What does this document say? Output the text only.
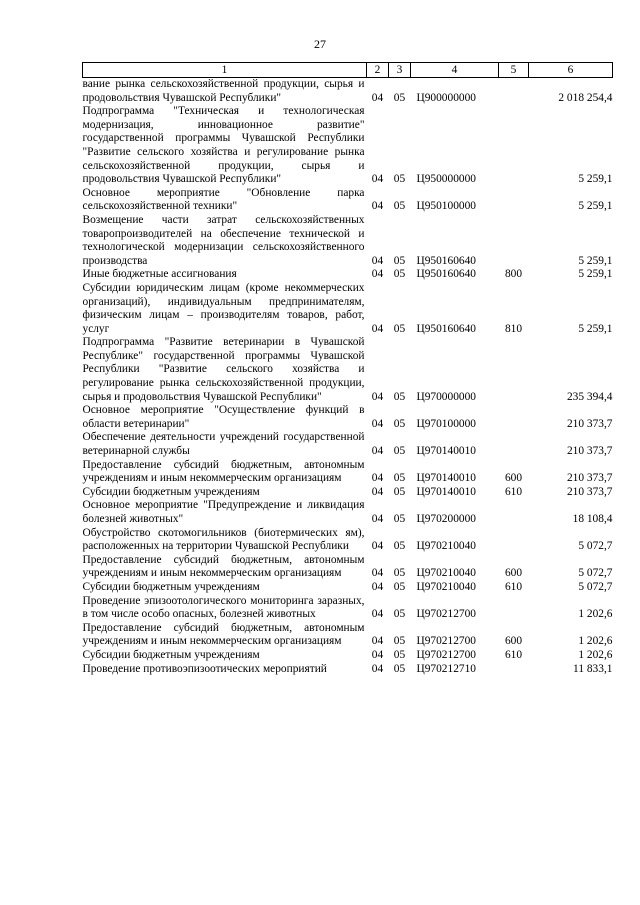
27
1	2	3	4	5	6
вание рынка сельскохозяйственной продукции, сырья и продовольствия Чувашской Республики"	04	05	Ц900000000		2 018 254,4
Подпрограмма "Техническая и технологическая модернизация, инновационное развитие" государственной программы Чувашской Республики "Развитие сельского хозяйства и регулирование рынка сельскохозяйственной продукции, сырья и продовольствия Чувашской Республики"	04	05	Ц950000000		5 259,1
Основное мероприятие "Обновление парка сельскохозяйственной техники"	04	05	Ц950100000		5 259,1
Возмещение части затрат сельскохозяйственных товаропроизводителей на обеспечение технической и технологической модернизации сельскохозяйственного производства	04	05	Ц950160640		5 259,1
Иные бюджетные ассигнования	04	05	Ц950160640	800	5 259,1
Субсидии юридическим лицам (кроме некоммерческих организаций), индивидуальным предпринимателям, физическим лицам – производителям товаров, работ, услуг	04	05	Ц950160640	810	5 259,1
Подпрограмма "Развитие ветеринарии в Чувашской Республике" государственной программы Чувашской Республики "Развитие сельского хозяйства и регулирование рынка сельскохозяйственной продукции, сырья и продовольствия Чувашской Республики"	04	05	Ц970000000		235 394,4
Основное мероприятие "Осуществление функций в области ветеринарии"	04	05	Ц970100000		210 373,7
Обеспечение деятельности учреждений государственной ветеринарной службы	04	05	Ц970140010		210 373,7
Предоставление субсидий бюджетным, автономным учреждениям и иным некоммерческим организациям	04	05	Ц970140010	600	210 373,7
Субсидии бюджетным учреждениям	04	05	Ц970140010	610	210 373,7
Основное мероприятие "Предупреждение и ликвидация болезней животных"	04	05	Ц970200000		18 108,4
Обустройство скотомогильников (биотермических ям), расположенных на территории Чувашской Республики	04	05	Ц970210040		5 072,7
Предоставление субсидий бюджетным, автономным учреждениям и иным некоммерческим организациям	04	05	Ц970210040	600	5 072,7
Субсидии бюджетным учреждениям	04	05	Ц970210040	610	5 072,7
Проведение эпизоотологического мониторинга заразных, в том числе особо опасных, болезней животных	04	05	Ц970212700		1 202,6
Предоставление субсидий бюджетным, автономным учреждениям и иным некоммерческим организациям	04	05	Ц970212700	600	1 202,6
Субсидии бюджетным учреждениям	04	05	Ц970212700	610	1 202,6
Проведение противоэпизоотических мероприятий	04	05	Ц970212710		11 833,1
